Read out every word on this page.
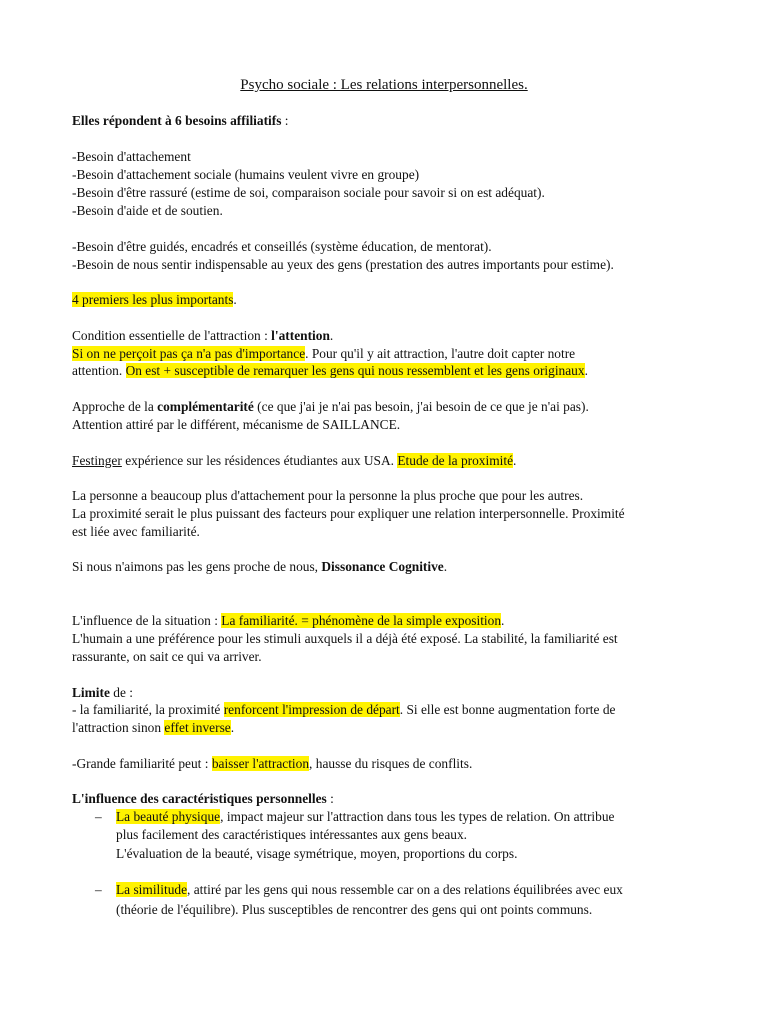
Psycho sociale : Les relations interpersonnelles.
Elles répondent à 6 besoins affiliatifs :
-Besoin d'attachement
-Besoin d'attachement sociale (humains veulent vivre en groupe)
-Besoin d'être rassuré (estime de soi, comparaison sociale pour savoir si on est adéquat).
-Besoin d'aide et de soutien.
-Besoin d'être guidés, encadrés et conseillés (système éducation, de mentorat).
-Besoin de nous sentir indispensable au yeux des gens (prestation des autres importants pour estime).
4 premiers les plus importants.
Condition essentielle de l'attraction : l'attention.
Si on ne perçoit pas ça n'a pas d'importance. Pour qu'il y ait attraction, l'autre doit capter notre
attention. On est + susceptible de remarquer les gens qui nous ressemblent et les gens originaux.
Approche de la complémentarité (ce que j'ai je n'ai pas besoin, j'ai besoin de ce que je n'ai pas).
Attention attiré par le différent, mécanisme de SAILLANCE.
Festinger expérience sur les résidences étudiantes aux USA. Etude de la proximité.
La personne a beaucoup plus d'attachement pour la personne la plus proche que pour les autres.
La proximité serait le plus puissant des facteurs pour expliquer une relation interpersonnelle. Proximité
est liée avec familiarité.
Si nous n'aimons pas les gens proche de nous, Dissonance Cognitive.
L'influence de la situation : La familiarité. = phénomène de la simple exposition.
L'humain a une préférence pour les stimuli auxquels il a déjà été exposé. La stabilité, la familiarité est
rassurante, on sait ce qui va arriver.
Limite de :
- la familiarité, la proximité renforcent l'impression de départ. Si elle est bonne augmentation forte de
l'attraction sinon effet inverse.
-Grande familiarité peut : baisser l'attraction, hausse du risques de conflits.
L'influence des caractéristiques personnelles :
– La beauté physique, impact majeur sur l'attraction dans tous les types de relation. On attribue
plus facilement des caractéristiques intéressantes aux gens beaux.
L'évaluation de la beauté, visage symétrique, moyen, proportions du corps.
– La similitude, attiré par les gens qui nous ressemble car on a des relations équilibrées avec eux
(théorie de l'équilibre). Plus susceptibles de rencontrer des gens qui ont points communs.
